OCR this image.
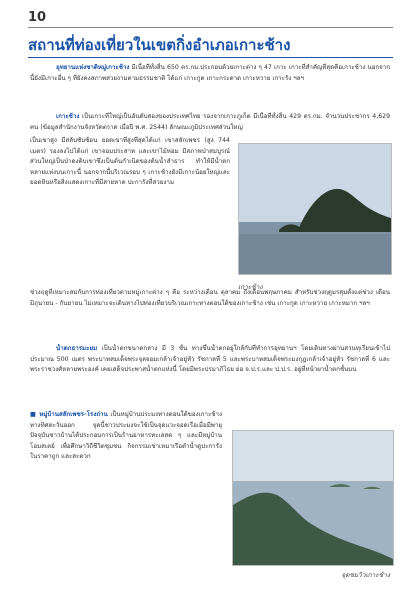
10
สถานที่ท่องเที่ยวในเขตกิ่งอำเภอเกาะช้าง
อุทยานแห่งชาติหมู่เกาะช้าง มีเนื้อที่ทั้งสิ้น 650 ตร.กม.ประกอบด้วยเกาะต่าง ๆ 47 เกาะ เกาะที่สำคัญที่สุดคือเกาะช้าง นอกจากนี้ยังมีเกาะอื่น ๆ ที่ยังคงสภาพสวยงามตามธรรมชาติ ได้แก่ เกาะกูด เกาะกระดาด เกาะหวาย เกาะรัง ฯลฯ
เกาะช้าง เป็นเกาะที่ใหญ่เป็นอันดับสองของประเทศไทย รองจากเกาะภูเก็ต มีเนื้อที่ทั้งสิ้น 429 ตร.กม. จำนวนประชากร 4,629 คน (ข้อมูลสำนักงานจังหวัดตราด เมื่อปี พ.ศ. 2544) ลักษณะภูมิประเทศส่วนใหญ่
เป็นเขาสูง มีสลับซับซ้อน ยอดเขาที่สูงที่สุดได้แก่ เขาสลักเพชร (สูง 744 เมตร) รองลงไปได้แก่ เขาจอมประสาท และเขาไม้หอม มีสภาพป่าสมบูรณ์ ส่วนใหญ่เป็นป่าดงดิบเขาซึ่งเป็นต้นกำเนิดของต้นน้ำลำธาร ทำให้มีน้ำตกหลายแห่งบนเกาะนี้ นอกจากนี้บริเวณรอบ ๆ เกาะช้างยังมีเกาะน้อยใหญ่และยอดหินหรือสิ่งแสดงเกาะที่มีสายหาด ปะการังที่สวยงาม
เกาะช้าง
ช่วงฤดูที่เหมาะสมกับการท่องเที่ยวตามหมู่เกาะต่าง ๆ คือ ระหว่างเดือน ตุลาคม ถึงเดือนพฤษภาคม สำหรับช่วงฤดูมรสุมตั้งแต่ช่วง เดือนมิถุนายน - กันยายน ไม่เหมาะจะเดินทางไปท่องเที่ยวบริเวณเกาะทางตอนใต้ของเกาะช้าง เช่น เกาะกูด เกาะหวาย เกาะหมาก ฯลฯ
น้ำตกธารมะยม เป็นน้ำตกขนาดกลาง มี 3 ชั้น ทางขึ้นน้ำตกอยู่ใกล้กับที่ทำการอุทยานฯ โดยเดินทางผ่านสวนทุเรียนเข้าไปประมาณ 500 เมตร พระบาทสมเด็จพระจุลจอมเกล้าเจ้าอยู่หัว รัชกาลที่ 5 และพระบาทสมเด็จพระมงกุฎเกล้าเจ้าอยู่หัว รัชกาลที่ 6 และพระราชวงศ์หลายพระองค์ เคยเสด็จประพาสน้ำตกแห่งนี้ โดยมีพระปรมาภิไธย ย่อ จ.ป.ร.และ ป.ป.ร. อยู่ที่หน้าผาน้ำตกชั้นบน
■ หมู่บ้านสลักเพชร-โรงถ่าน เป็นหมู่บ้านประมงทางตอนใต้ของเกาะช้างทางทิศตะวันออก จุดนี้ชาวประมงจะใช้เป็นจุดแวะจอดเรือเมื่อมีพายุ ปัจจุบันชาวบ้านได้ประกอบการเป็นร้านอาหารทะเลสด ๆ และมีหมู่บ้านโฮมสเตย์ เพื่อศึกษาวิถีชีวิตชุมชน กิจกรรมเช่าเหมาเรือดำน้ำดูปะการัง ในราคาถูก และสะดวก
จุดชมวิวเกาะช้าง
